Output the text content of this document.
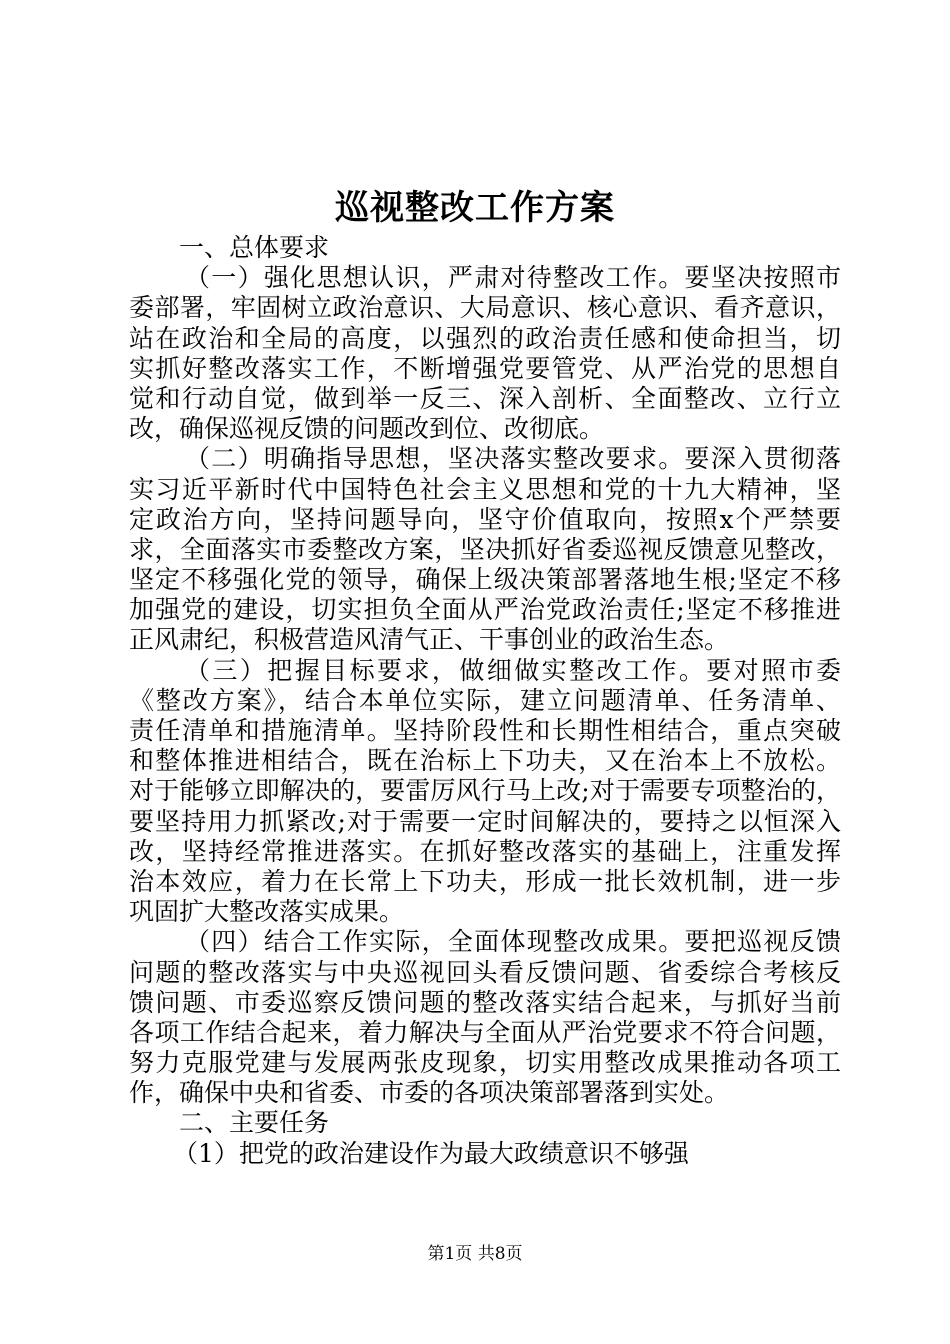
巡视整改工作方案
一、总体要求
（一）强化思想认识，严肃对待整改工作。要坚决按照市
委部署，牢固树立政治意识、大局意识、核心意识、看齐意识，
站在政治和全局的高度，以强烈的政治责任感和使命担当，切
实抓好整改落实工作，不断增强党要管党、从严治党的思想自
觉和行动自觉，做到举一反三、深入剖析、全面整改、立行立
改，确保巡视反馈的问题改到位、改彻底。
（二）明确指导思想，坚决落实整改要求。要深入贯彻落
实习近平新时代中国特色社会主义思想和党的十九大精神，坚
定政治方向，坚持问题导向，坚守价值取向，按照x个严禁要
求，全面落实市委整改方案，坚决抓好省委巡视反馈意见整改，
坚定不移强化党的领导，确保上级决策部署落地生根;坚定不移
加强党的建设，切实担负全面从严治党政治责任;坚定不移推进
正风肃纪，积极营造风清气正、干事创业的政治生态。
（三）把握目标要求，做细做实整改工作。要对照市委
《整改方案》，结合本单位实际，建立问题清单、任务清单、
责任清单和措施清单。坚持阶段性和长期性相结合，重点突破
和整体推进相结合，既在治标上下功夫，又在治本上不放松。
对于能够立即解决的，要雷厉风行马上改;对于需要专项整治的，
要坚持用力抓紧改;对于需要一定时间解决的，要持之以恒深入
改，坚持经常推进落实。在抓好整改落实的基础上，注重发挥
治本效应，着力在长常上下功夫，形成一批长效机制，进一步
巩固扩大整改落实成果。
（四）结合工作实际，全面体现整改成果。要把巡视反馈
问题的整改落实与中央巡视回头看反馈问题、省委综合考核反
馈问题、市委巡察反馈问题的整改落实结合起来，与抓好当前
各项工作结合起来，着力解决与全面从严治党要求不符合问题，
努力克服党建与发展两张皮现象，切实用整改成果推动各项工
作，确保中央和省委、市委的各项决策部署落到实处。
二、主要任务
（1）把党的政治建设作为最大政绩意识不够强
第1页 共8页
